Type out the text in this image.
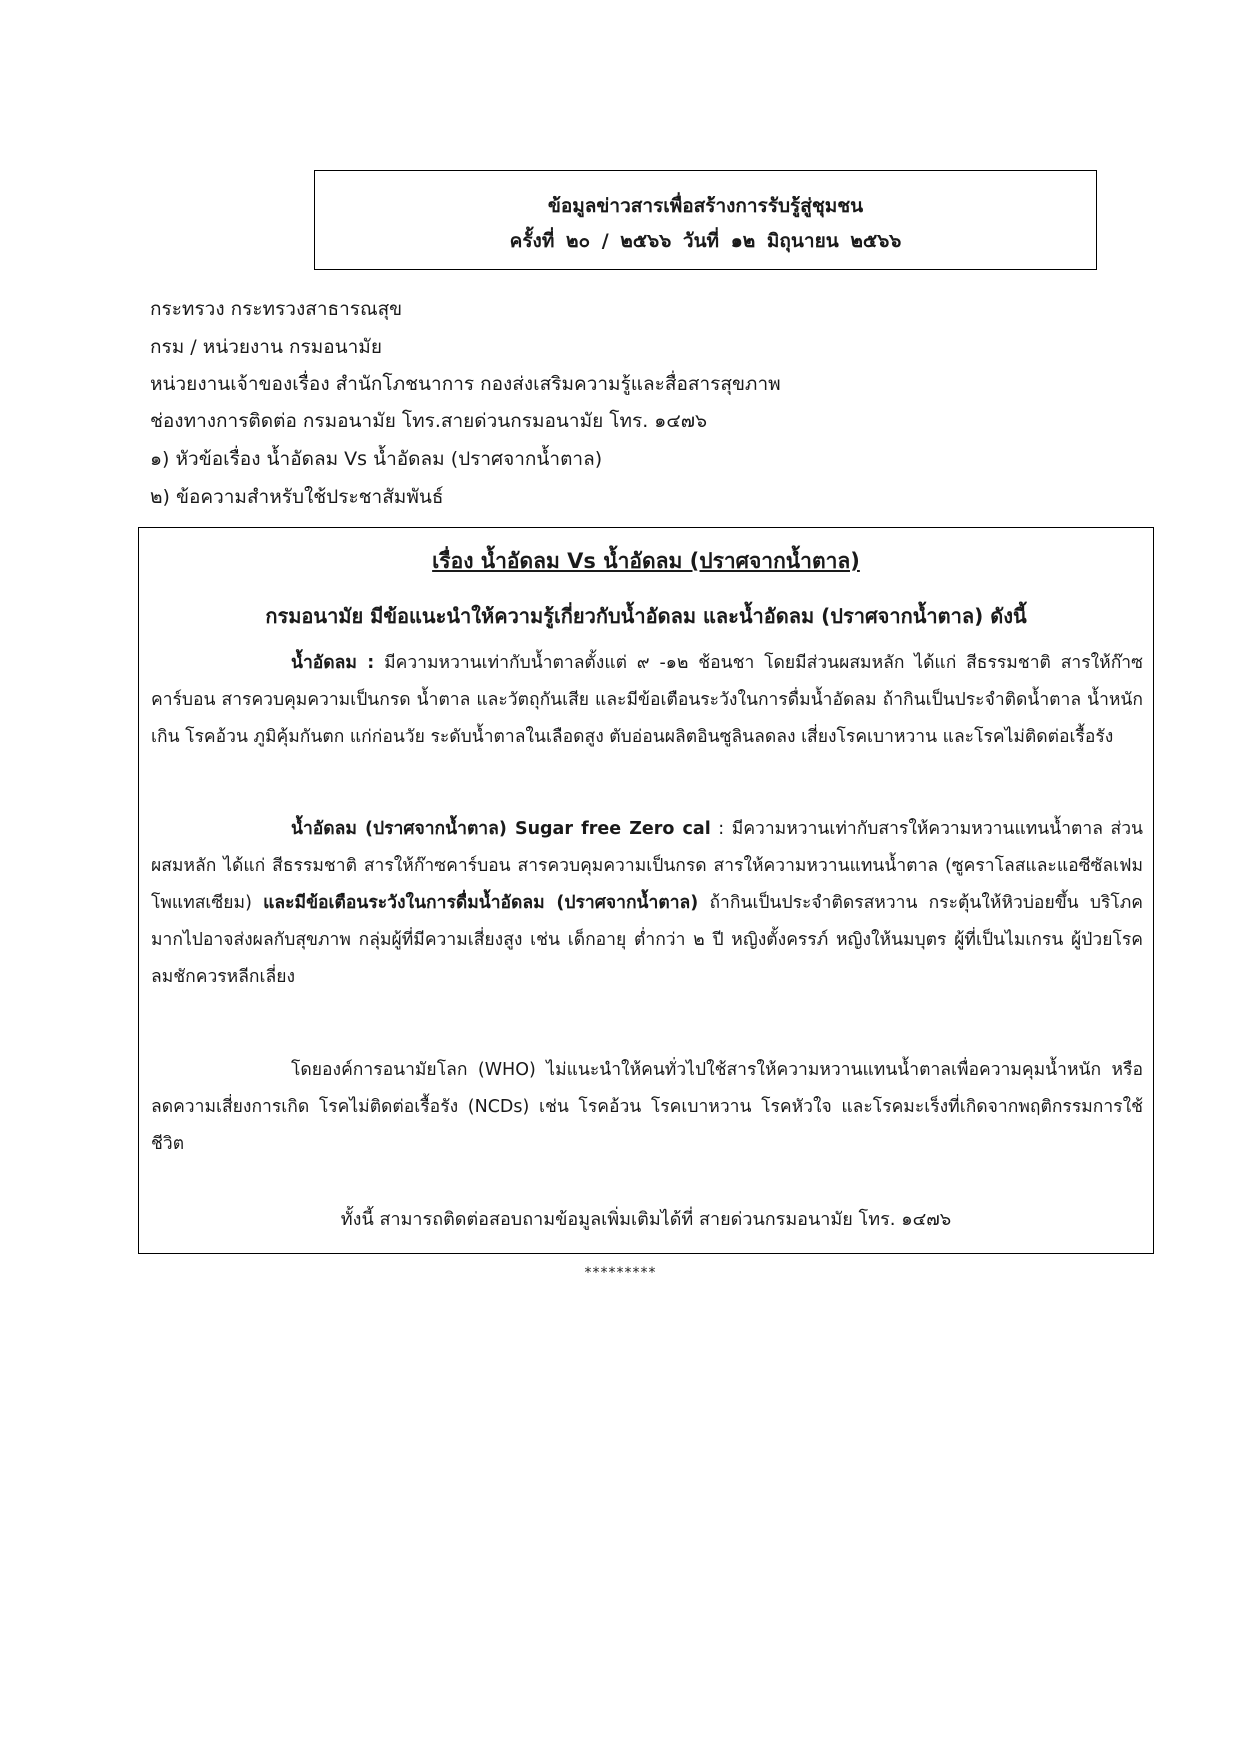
ข้อมูลข่าวสารเพื่อสร้างการรับรู้สู่ชุมชน
ครั้งที่ ๒๐ / ๒๕๖๖ วันที่ ๑๒ มิถุนายน ๒๕๖๖
กระทรวง กระทรวงสาธารณสุข
กรม / หน่วยงาน กรมอนามัย
หน่วยงานเจ้าของเรื่อง สำนักโภชนาการ กองส่งเสริมความรู้และสื่อสารสุขภาพ
ช่องทางการติดต่อ กรมอนามัย โทร.สายด่วนกรมอนามัย โทร. ๑๔๗๖
๑) หัวข้อเรื่อง น้ำอัดลม Vs น้ำอัดลม (ปราศจากน้ำตาล)
๒) ข้อความสำหรับใช้ประชาสัมพันธ์
เรื่อง น้ำอัดลม Vs น้ำอัดลม (ปราศจากน้ำตาล)
กรมอนามัย มีข้อแนะนำให้ความรู้เกี่ยวกับน้ำอัดลม และน้ำอัดลม (ปราศจากน้ำตาล) ดังนี้

น้ำอัดลม : มีความหวานเท่ากับน้ำตาลตั้งแต่ ๙ -๑๒ ช้อนชา โดยมีส่วนผสมหลัก ได้แก่ สีธรรมชาติ สารให้ก๊าซคาร์บอน สารควบคุมความเป็นกรด น้ำตาล และวัตถุกันเสีย และมีข้อเตือนระวังในการดื่มน้ำอัดลม ถ้ากินเป็นประจำติดน้ำตาล น้ำหนักเกิน โรคอ้วน ภูมิคุ้มกันตก แก่ก่อนวัย ระดับน้ำตาลในเลือดสูง ตับอ่อนผลิตอินซูลินลดลง เสี่ยงโรคเบาหวาน และโรคไม่ติดต่อเรื้อรัง

น้ำอัดลม (ปราศจากน้ำตาล) Sugar free Zero cal : มีความหวานเท่ากับสารให้ความหวานแทนน้ำตาล ส่วนผสมหลัก ได้แก่ สีธรรมชาติ สารให้ก๊าซคาร์บอน สารควบคุมความเป็นกรด สารให้ความหวานแทนน้ำตาล (ซูคราโลสและแอซีซัลเฟมโพแทสเซียม) และมีข้อเตือนระวังในการดื่มน้ำอัดลม (ปราศจากน้ำตาล) ถ้ากินเป็นประจำติดรสหวาน กระตุ้นให้หิวบ่อยขึ้น บริโภคมากไปอาจส่งผลกับสุขภาพ กลุ่มผู้ที่มีความเสี่ยงสูง เช่น เด็กอายุ ต่ำกว่า ๒ ปี หญิงตั้งครรภ์ หญิงให้นมบุตร ผู้ที่เป็นไมเกรน ผู้ป่วยโรคลมชักควรหลีกเลี่ยง

โดยองค์การอนามัยโลก (WHO) ไม่แนะนำให้คนทั่วไปใช้สารให้ความหวานแทนน้ำตาลเพื่อความคุมน้ำหนัก หรือลดความเสี่ยงการเกิด โรคไม่ติดต่อเรื้อรัง (NCDs) เช่น โรคอ้วน โรคเบาหวาน โรคหัวใจ และโรคมะเร็งที่เกิดจากพฤติกรรมการใช้ชีวิต

ทั้งนี้ สามารถติดต่อสอบถามข้อมูลเพิ่มเติมได้ที่ สายด่วนกรมอนามัย โทร. ๑๔๗๖
*********
